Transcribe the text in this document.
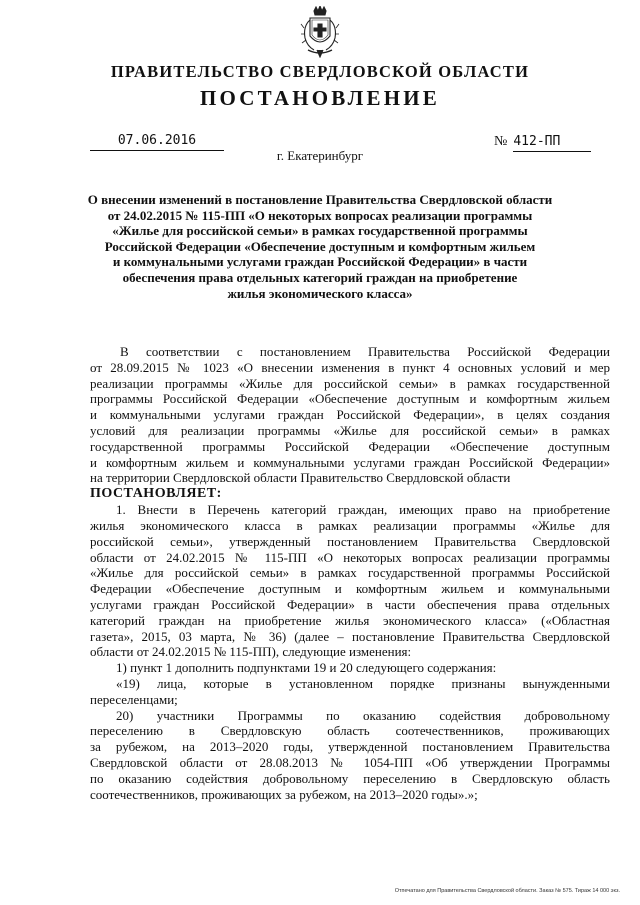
ПРАВИТЕЛЬСТВО СВЕРДЛОВСКОЙ ОБЛАСТИ
ПОСТАНОВЛЕНИЕ
07.06.2016	№ 412-ПП
г. Екатеринбург
О внесении изменений в постановление Правительства Свердловской области
от 24.02.2015 № 115-ПП «О некоторых вопросах реализации программы
«Жилье для российской семьи» в рамках государственной программы
Российской Федерации «Обеспечение доступным и комфортным жильем
и коммунальными услугами граждан Российской Федерации» в части
обеспечения права отдельных категорий граждан на приобретение
жилья экономического класса»
В соответствии с постановлением Правительства Российской Федерации
от 28.09.2015 № 1023 «О внесении изменения в пункт 4 основных условий и мер
реализации программы «Жилье для российской семьи» в рамках государственной
программы Российской Федерации «Обеспечение доступным и комфортным жильем
и коммунальными услугами граждан Российской Федерации», в целях создания
условий для реализации программы «Жилье для российской семьи» в рамках
государственной программы Российской Федерации «Обеспечение доступным
и комфортным жильем и коммунальными услугами граждан Российской Федерации»
на территории Свердловской области Правительство Свердловской области
ПОСТАНОВЛЯЕТ:
1. Внести в Перечень категорий граждан, имеющих право на приобретение
жилья экономического класса в рамках реализации программы «Жилье для
российской семьи», утвержденный постановлением Правительства Свердловской
области от 24.02.2015 № 115-ПП «О некоторых вопросах реализации программы
«Жилье для российской семьи» в рамках государственной программы Российской
Федерации «Обеспечение доступным и комфортным жильем и коммунальными
услугами граждан Российской Федерации» в части обеспечения права отдельных
категорий граждан на приобретение жилья экономического класса» («Областная
газета», 2015, 03 марта, № 36) (далее – постановление Правительства Свердловской
области от 24.02.2015 № 115-ПП), следующие изменения:
1) пункт 1 дополнить подпунктами 19 и 20 следующего содержания:
«19) лица, которые в установленном порядке признаны вынужденными
переселенцами;
20) участники Программы по оказанию содействия добровольному
переселению в Свердловскую область соотечественников, проживающих
за рубежом, на 2013–2020 годы, утвержденной постановлением Правительства
Свердловской области от 28.08.2013 № 1054-ПП «Об утверждении Программы
по оказанию содействия добровольному переселению в Свердловскую область
соотечественников, проживающих за рубежом, на 2013–2020 годы».»;
Отпечатано для Правительства Свердловской области. Заказ № 575. Тираж 14 000 экз.
